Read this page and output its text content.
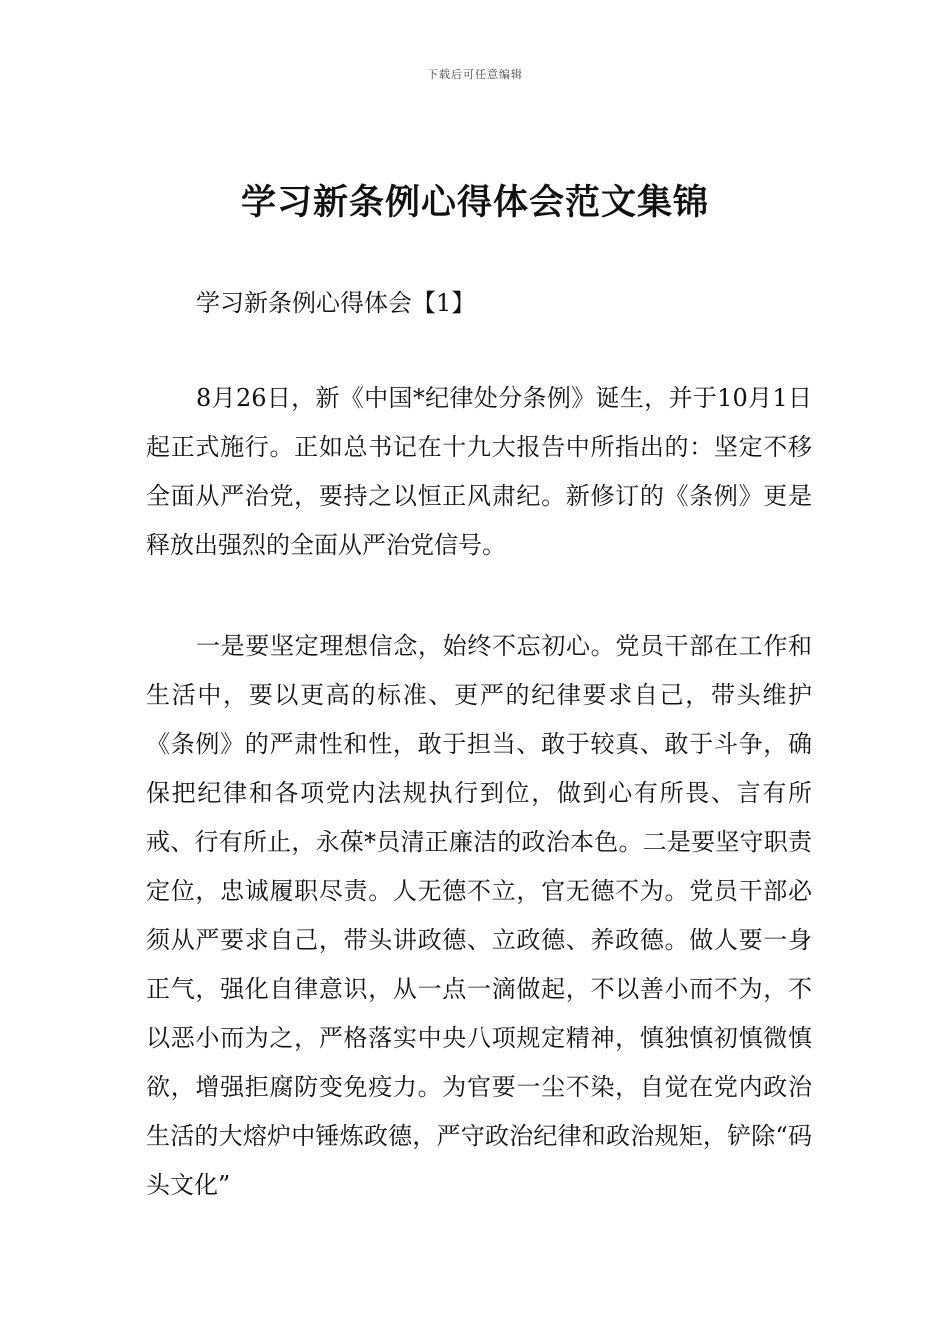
下载后可任意编辑
学习新条例心得体会范文集锦
学习新条例心得体会【1】

8月26日，新《中国*纪律处分条例》诞生，并于10月1日起正式施行。正如总书记在十九大报告中所指出的：坚定不移全面从严治党，要持之以恒正风肃纪。新修订的《条例》更是释放出强烈的全面从严治党信号。

一是要坚定理想信念，始终不忘初心。党员干部在工作和生活中，要以更高的标准、更严的纪律要求自己，带头维护《条例》的严肃性和性，敢于担当、敢于较真、敢于斗争，确保把纪律和各项党内法规执行到位，做到心有所畏、言有所戒、行有所止，永葆*员清正廉洁的政治本色。二是要坚守职责定位，忠诚履职尽责。人无德不立，官无德不为。党员干部必须从严要求自己，带头讲政德、立政德、养政德。做人要一身正气，强化自律意识，从一点一滴做起，不以善小而不为，不以恶小而为之，严格落实中央八项规定精神，慎独慎初慎微慎欲，增强拒腐防变免疫力。为官要一尘不染，自觉在党内政治生活的大熔炉中锤炼政德，严守政治纪律和政治规矩，铲除“码头文化”
